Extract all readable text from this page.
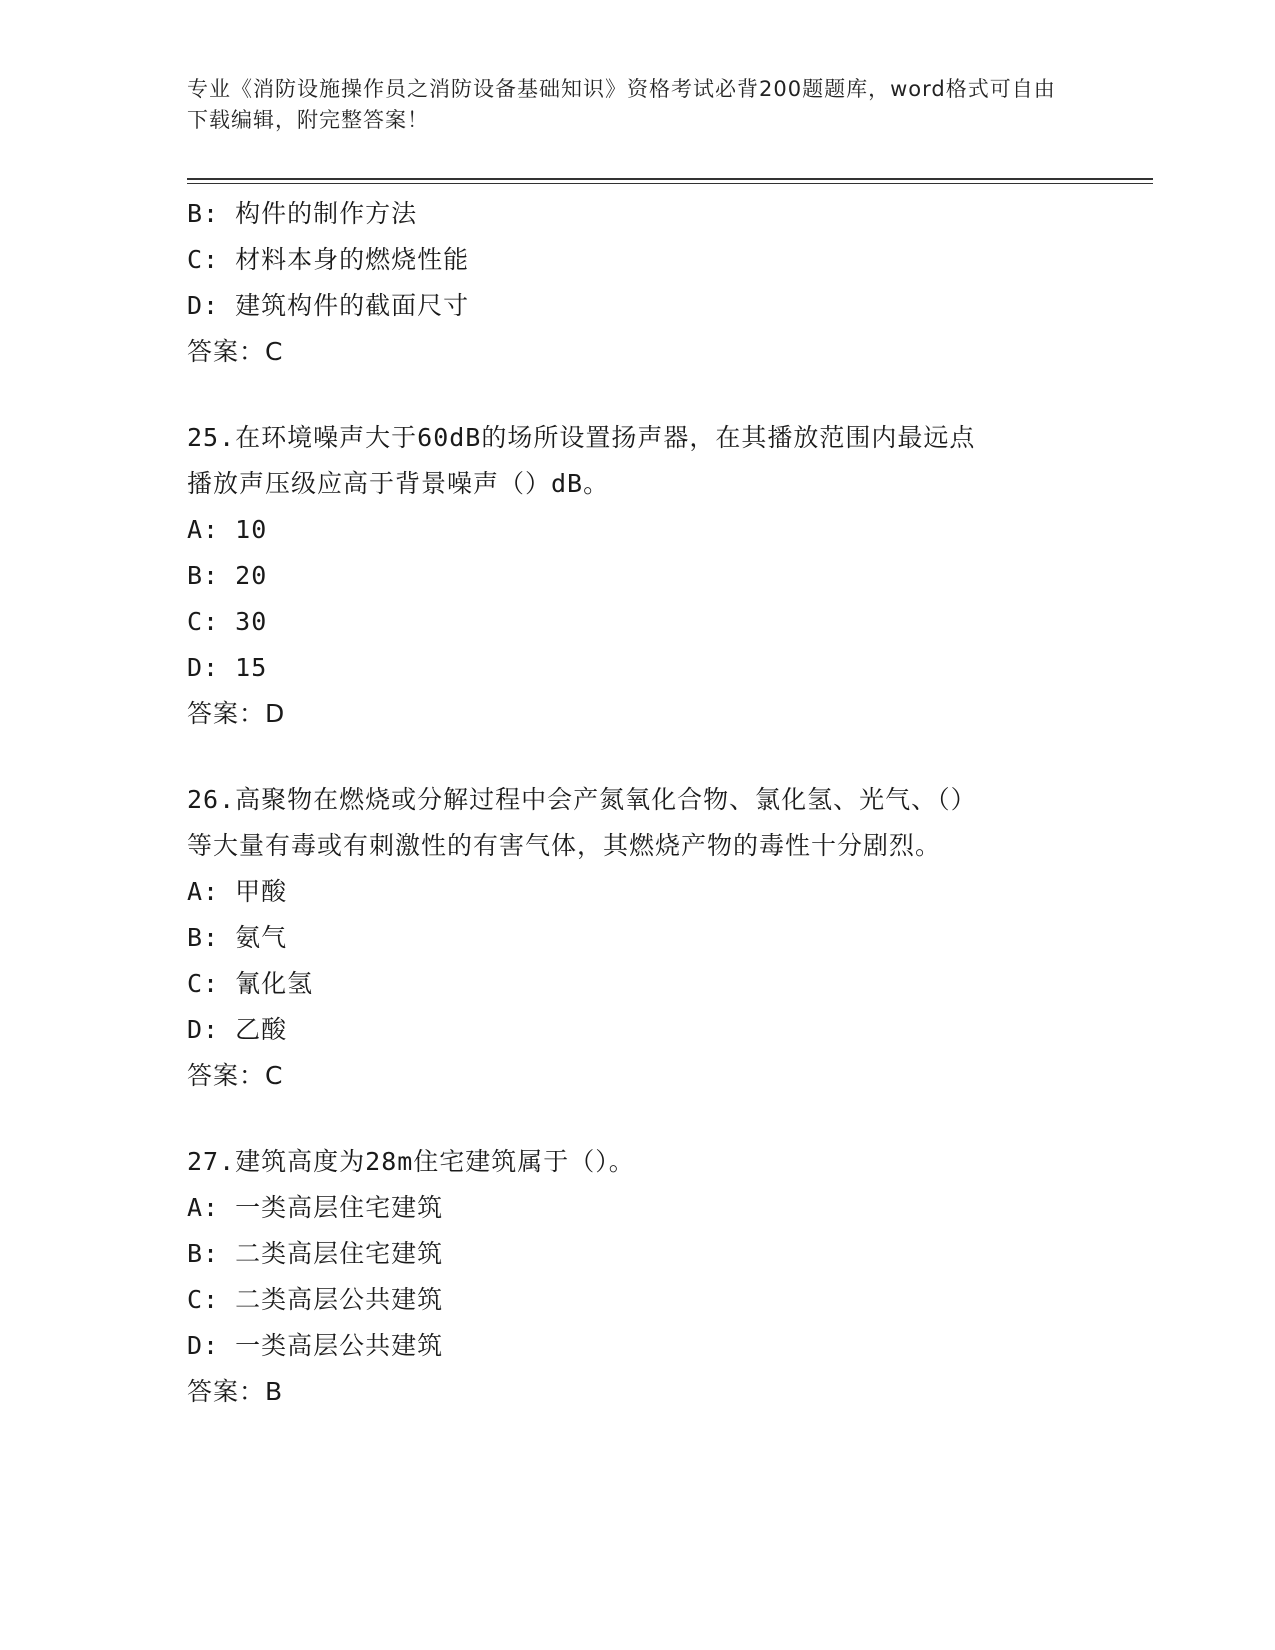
专业《消防设施操作员之消防设备基础知识》资格考试必背200题题库，word格式可自由下载编辑，附完整答案！
B: 构件的制作方法
C: 材料本身的燃烧性能
D: 建筑构件的截面尺寸
答案：C
25.在环境噪声大于60dB的场所设置扬声器，在其播放范围内最远点
播放声压级应高于背景噪声（）dB。
A: 10
B: 20
C: 30
D: 15
答案：D
26.高聚物在燃烧或分解过程中会产氮氧化合物、氯化氢、光气、（）
等大量有毒或有刺激性的有害气体，其燃烧产物的毒性十分剧烈。
A: 甲酸
B: 氨气
C: 氰化氢
D: 乙酸
答案：C
27.建筑高度为28m住宅建筑属于（）。
A: 一类高层住宅建筑
B: 二类高层住宅建筑
C: 二类高层公共建筑
D: 一类高层公共建筑
答案：B
